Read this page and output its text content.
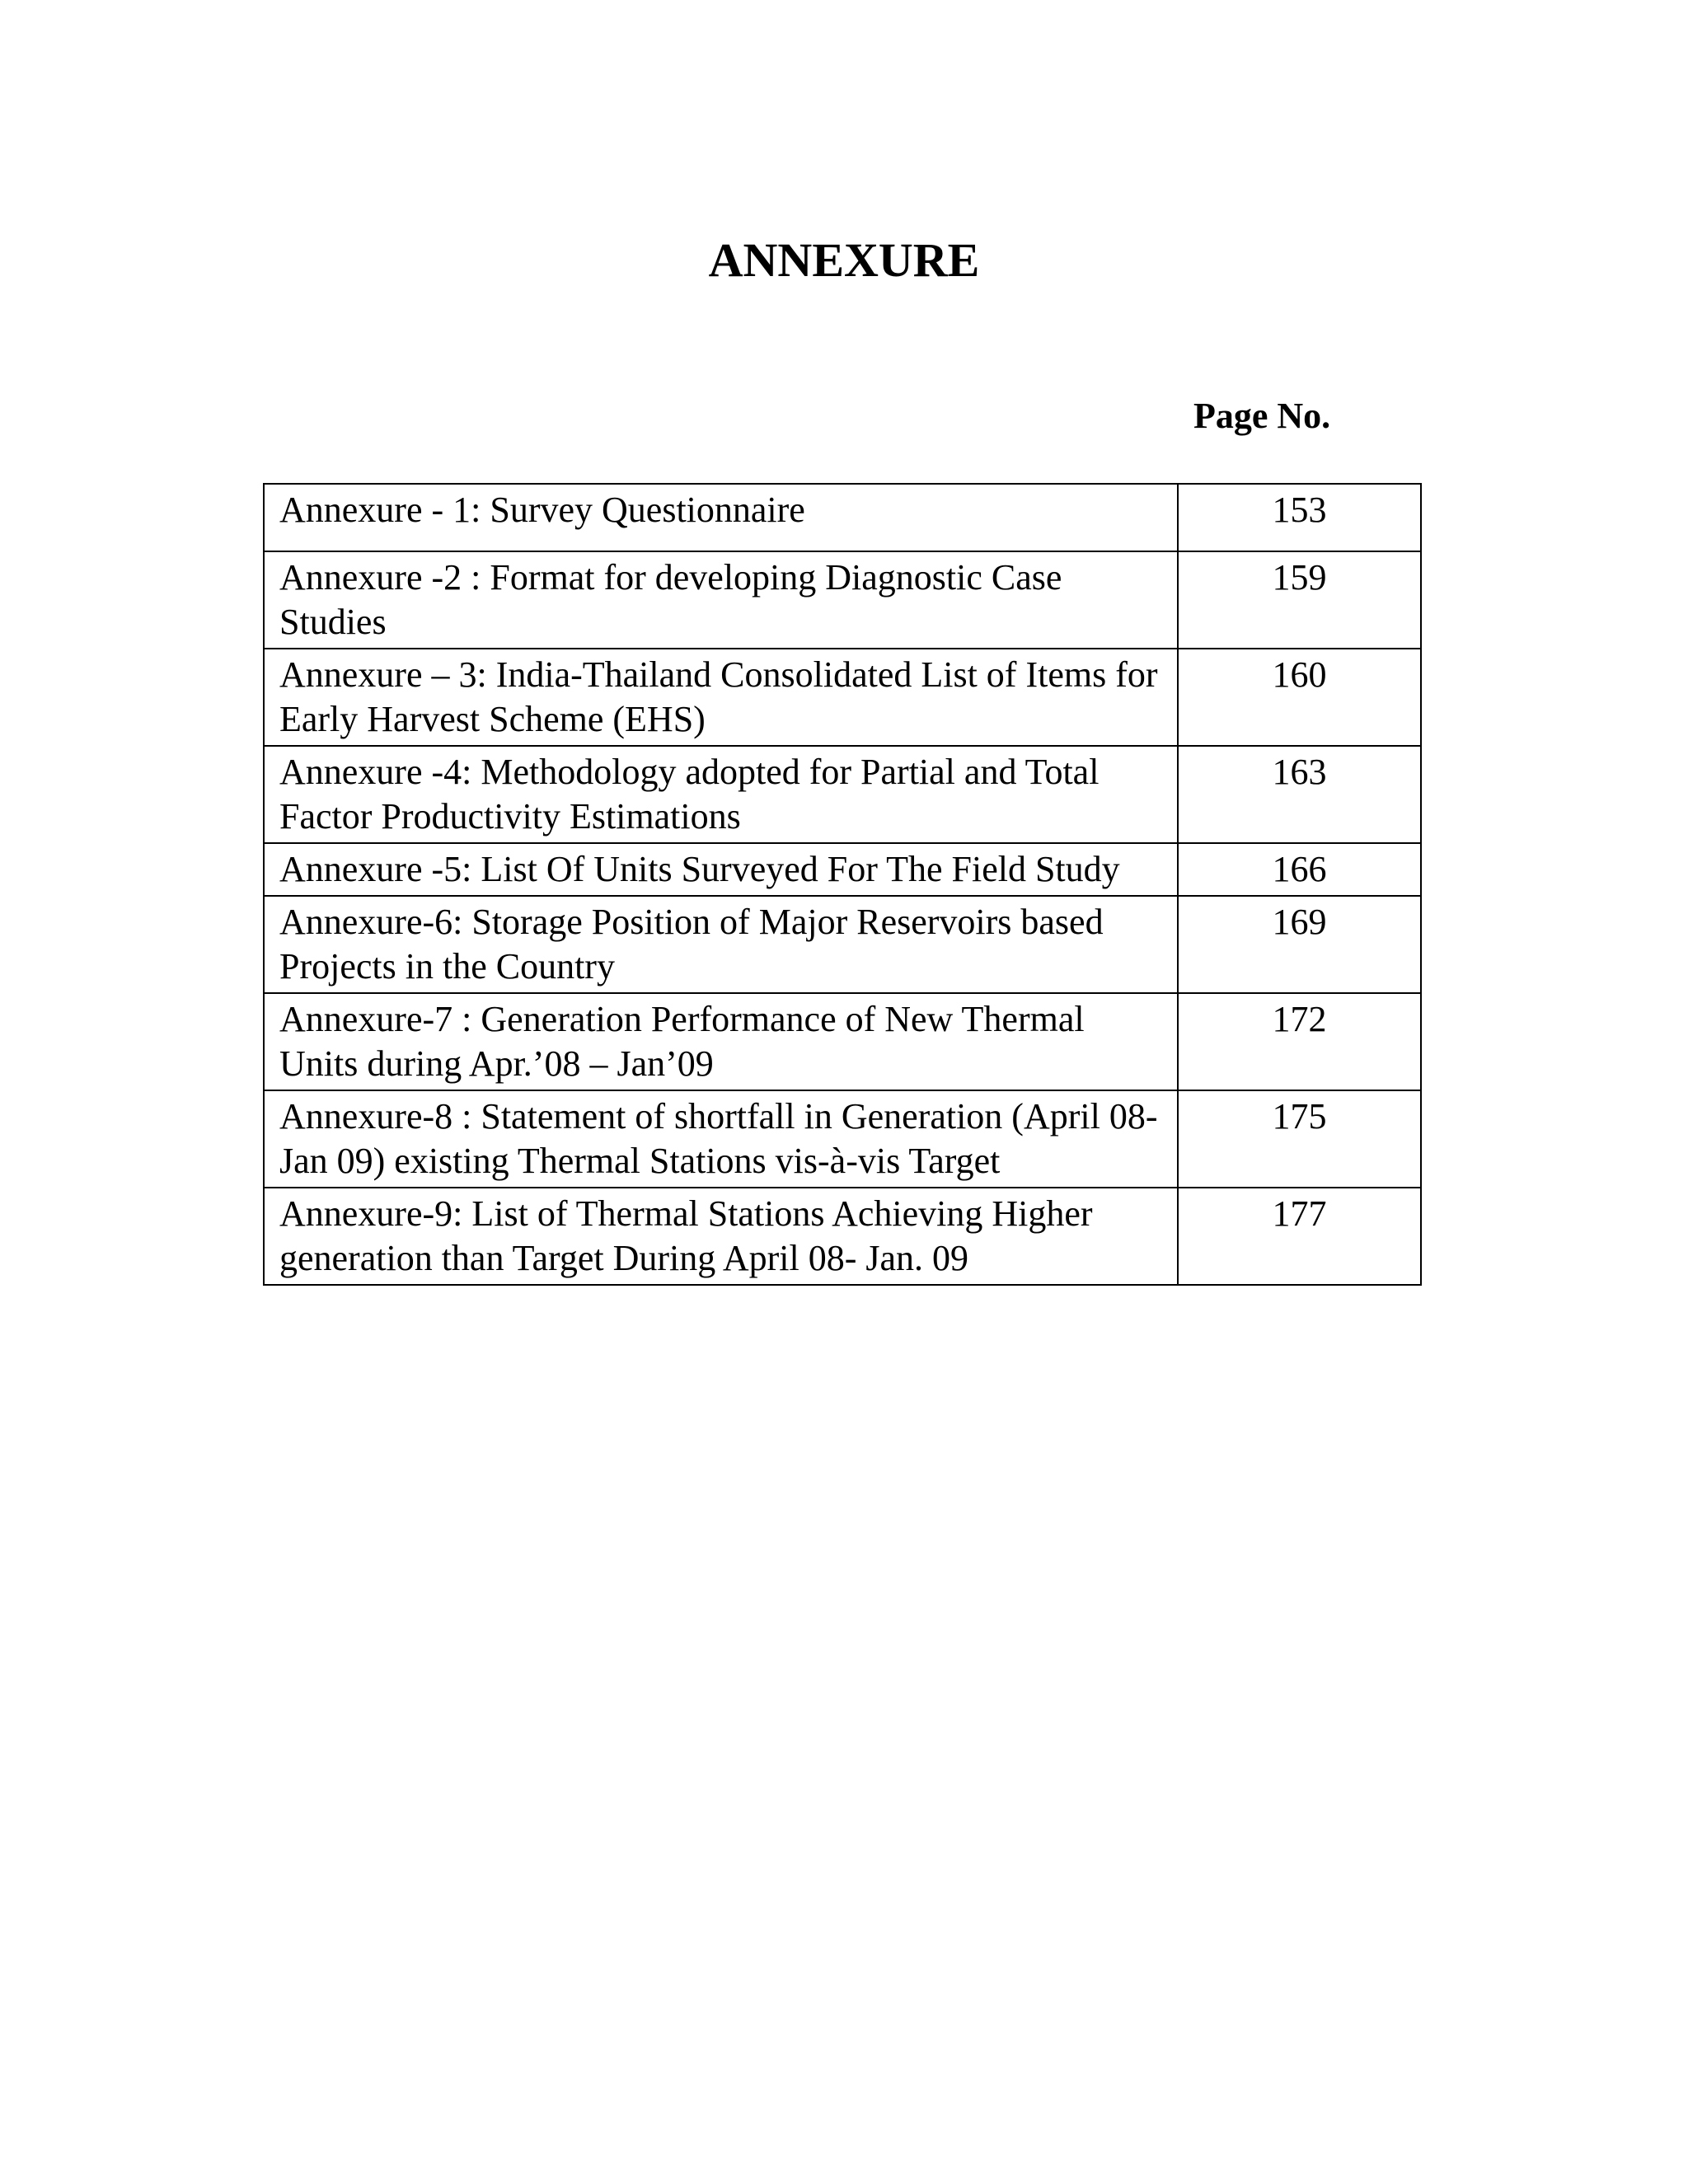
ANNEXURE
Page No.
Annexure - 1: Survey Questionnaire	153
Annexure -2 : Format for developing Diagnostic Case Studies	159
Annexure – 3: India-Thailand Consolidated List of Items for Early Harvest Scheme (EHS)	160
Annexure -4: Methodology adopted for Partial and Total Factor Productivity Estimations	163
Annexure -5: List Of Units Surveyed For The Field Study	166
Annexure-6: Storage Position of Major Reservoirs based Projects in the Country	169
Annexure-7 : Generation Performance of New Thermal Units during Apr.’08 – Jan’09	172
Annexure-8 : Statement of shortfall in Generation (April 08-Jan 09) existing Thermal Stations vis-à-vis Target	175
Annexure-9: List of Thermal Stations Achieving Higher generation than Target During April 08- Jan. 09	177
